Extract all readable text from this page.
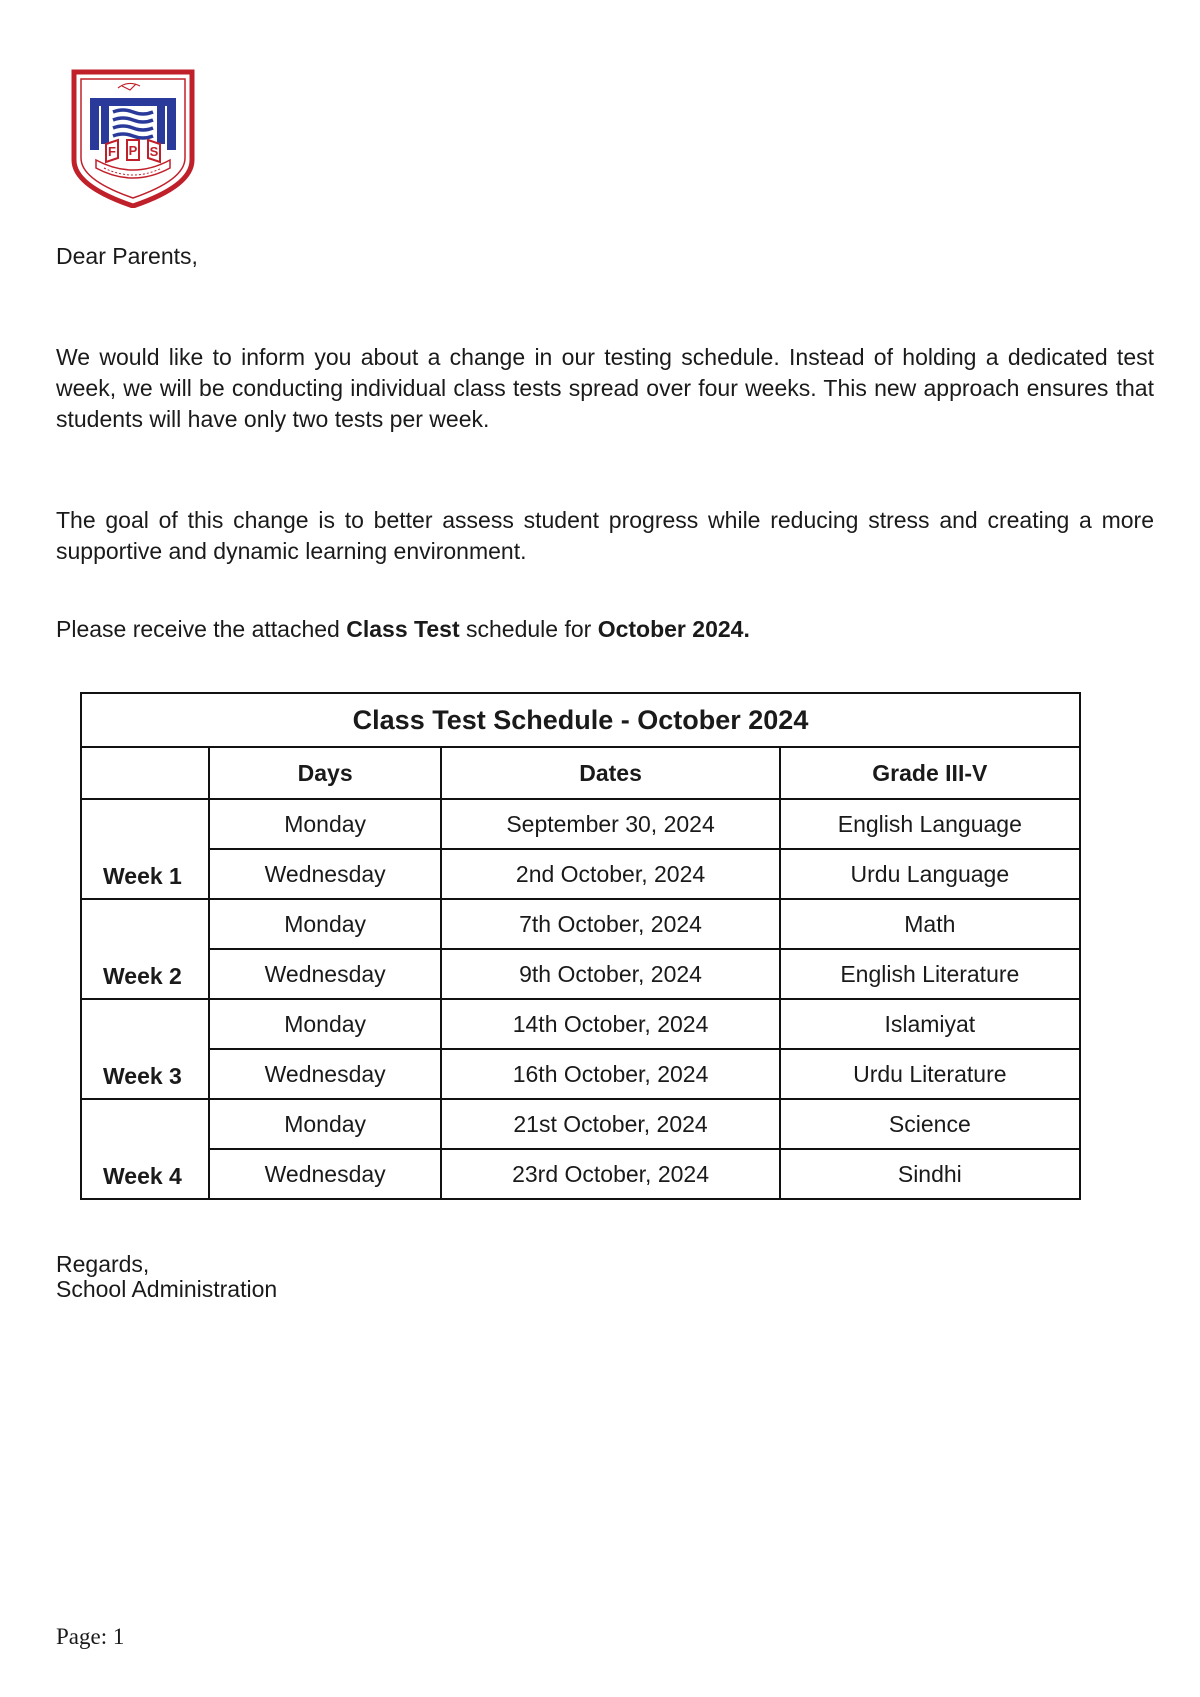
F P S
Dear Parents,
We would like to inform you about a change in our testing schedule. Instead of holding a dedicated test week, we will be conducting individual class tests spread over four weeks. This new approach ensures that students will have only two tests per week.
The goal of this change is to better assess student progress while reducing stress and creating a more supportive and dynamic learning environment.
Please receive the attached Class Test schedule for October 2024.
Class Test Schedule - October 2024			
	Days	Dates	Grade III-V
Week 1	Monday	September 30, 2024	English Language
	Wednesday	2nd October, 2024	Urdu Language
Week 2	Monday	7th October, 2024	Math
	Wednesday	9th October, 2024	English Literature
Week 3	Monday	14th October, 2024	Islamiyat
	Wednesday	16th October, 2024	Urdu Literature
Week 4	Monday	21st October, 2024	Science
	Wednesday	23rd October, 2024	Sindhi
Regards,
School Administration
Page: 1
